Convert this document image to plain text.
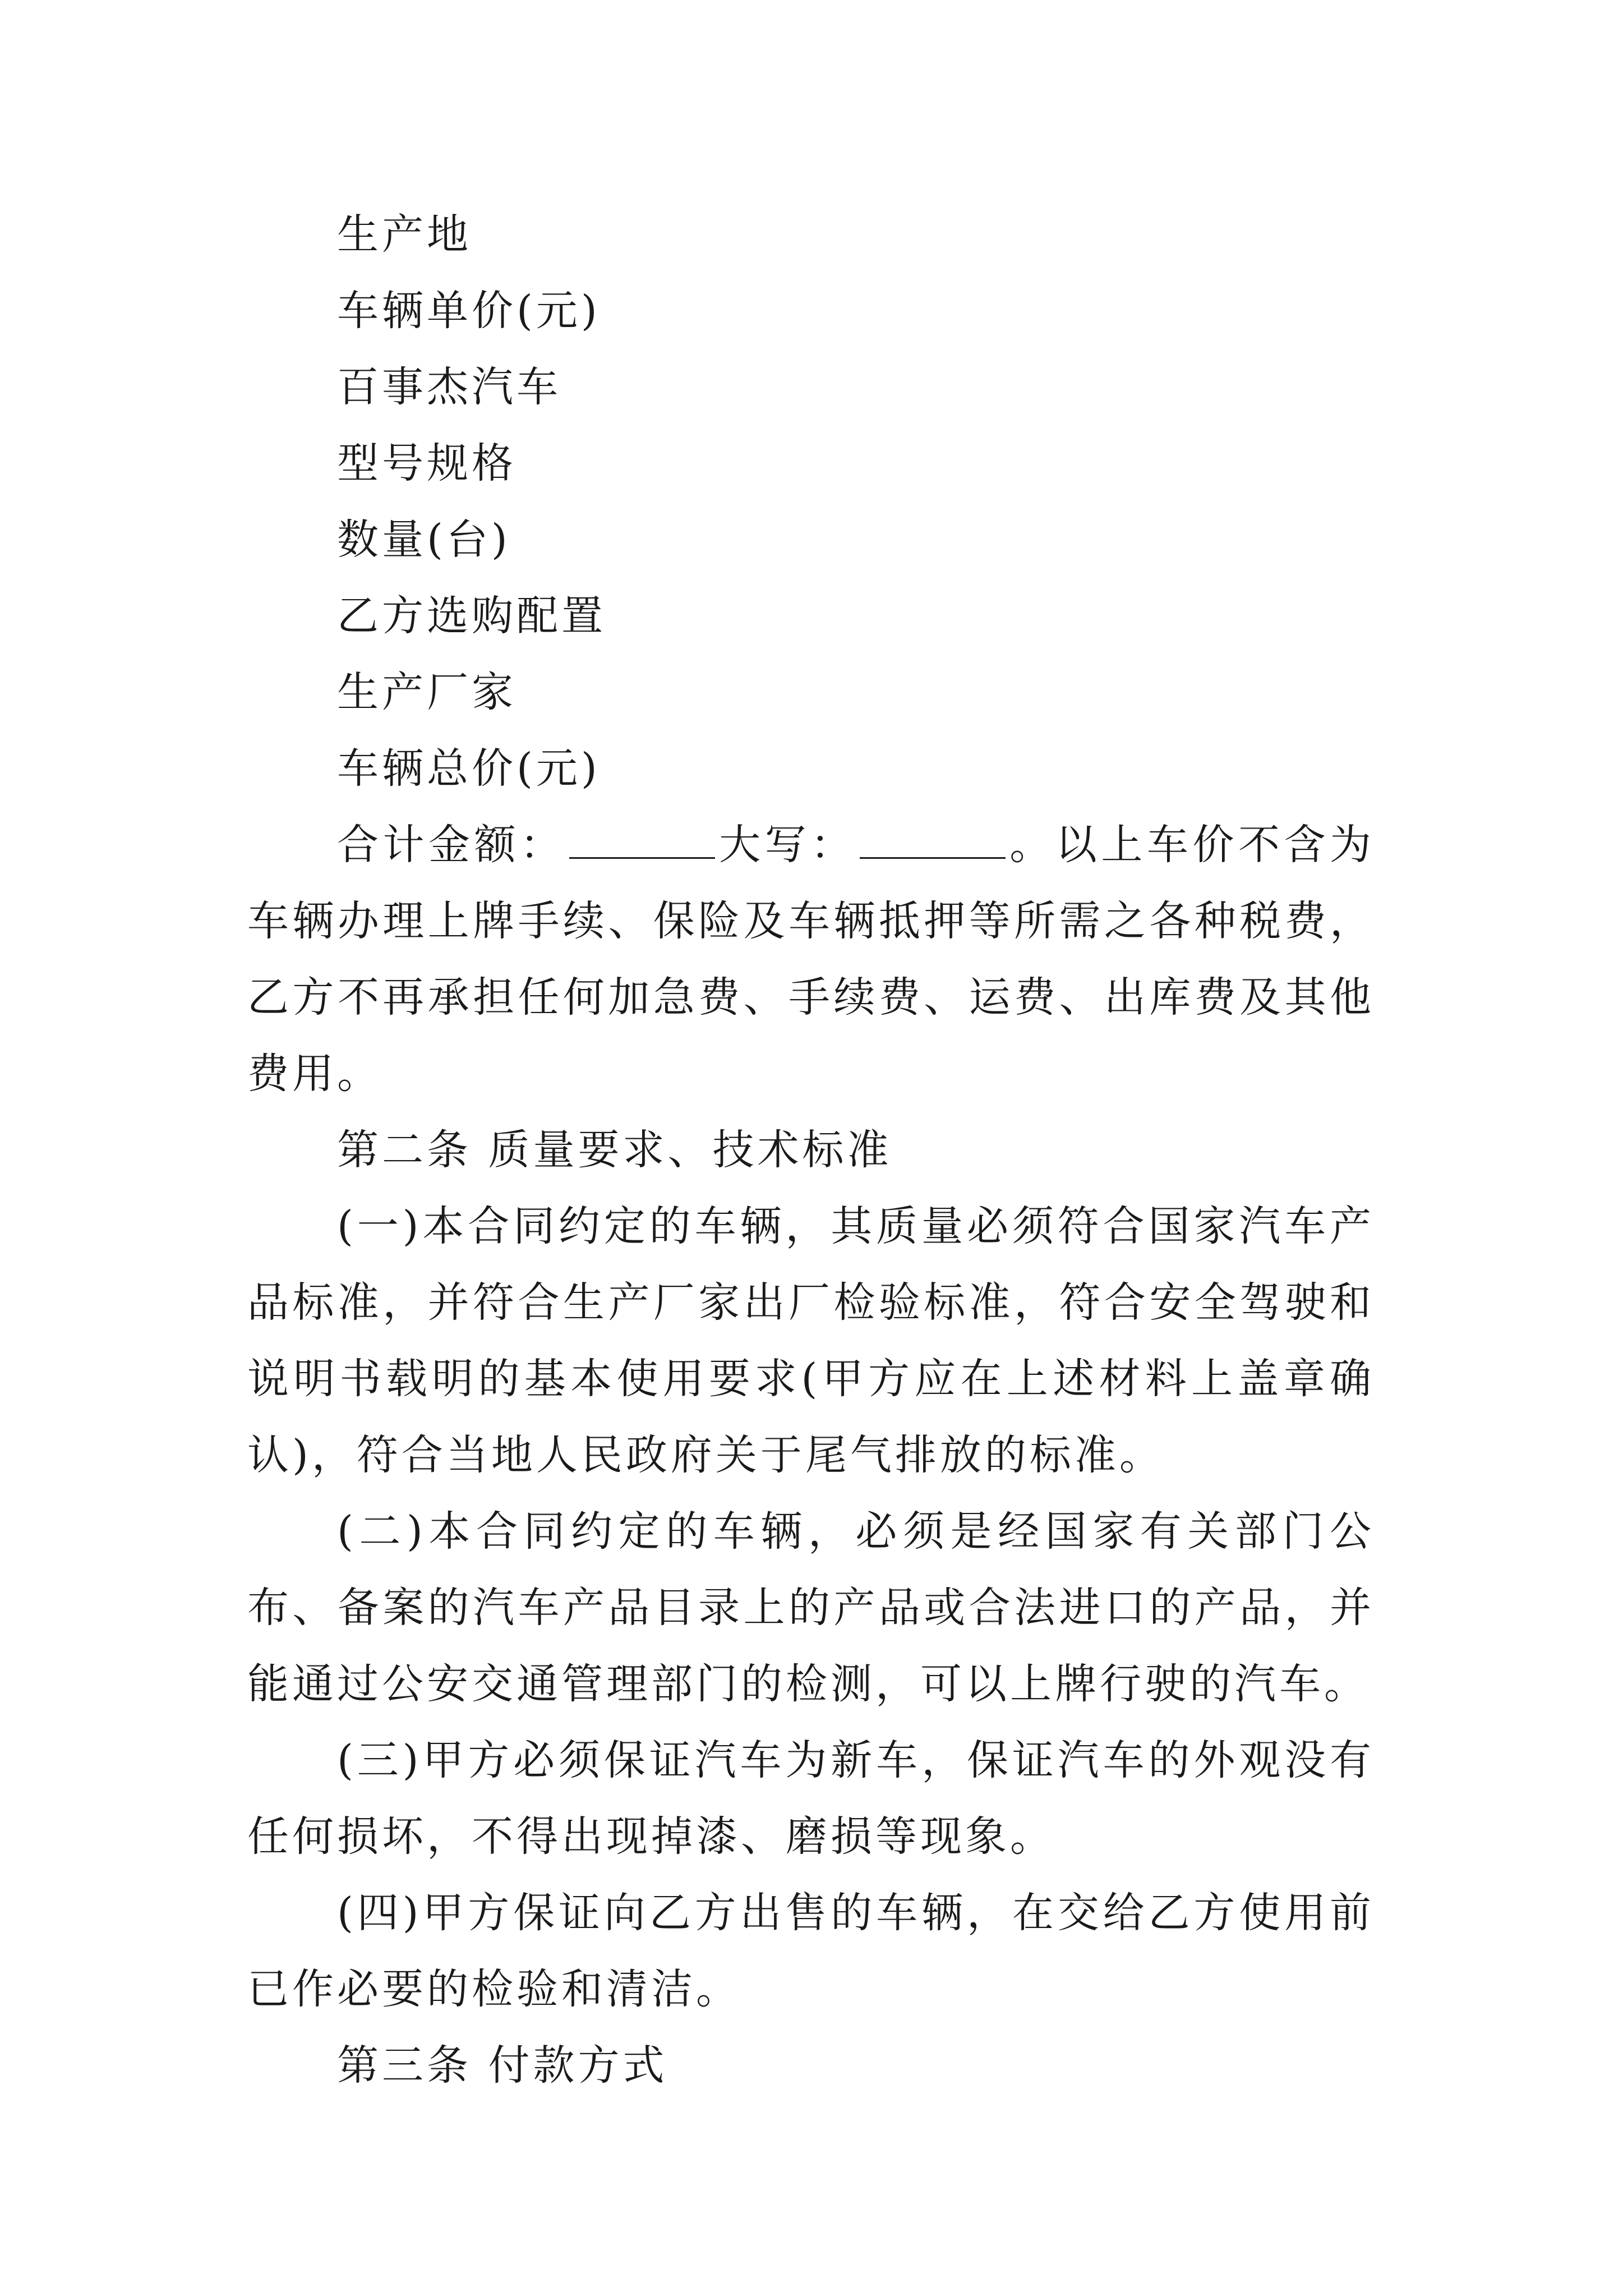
生产地
车辆单价(元)
百事杰汽车
型号规格
数量(台)
乙方选购配置
生产厂家
车辆总价(元)

合计金额：	大写：	。以上车价不含为车辆办理上牌手续、保险及车辆抵押等所需之各种税费，乙方不再承担任何加急费、手续费、运费、出库费及其他费用。

第二条 质量要求、技术标准

(一)本合同约定的车辆，其质量必须符合国家汽车产品标准，并符合生产厂家出厂检验标准，符合安全驾驶和说明书载明的基本使用要求(甲方应在上述材料上盖章确认)，符合当地人民政府关于尾气排放的标准。

(二)本合同约定的车辆，必须是经国家有关部门公布、备案的汽车产品目录上的产品或合法进口的产品，并能通过公安交通管理部门的检测，可以上牌行驶的汽车。

(三)甲方必须保证汽车为新车，保证汽车的外观没有任何损坏，不得出现掉漆、磨损等现象。

(四)甲方保证向乙方出售的车辆，在交给乙方使用前已作必要的检验和清洁。

第三条 付款方式
